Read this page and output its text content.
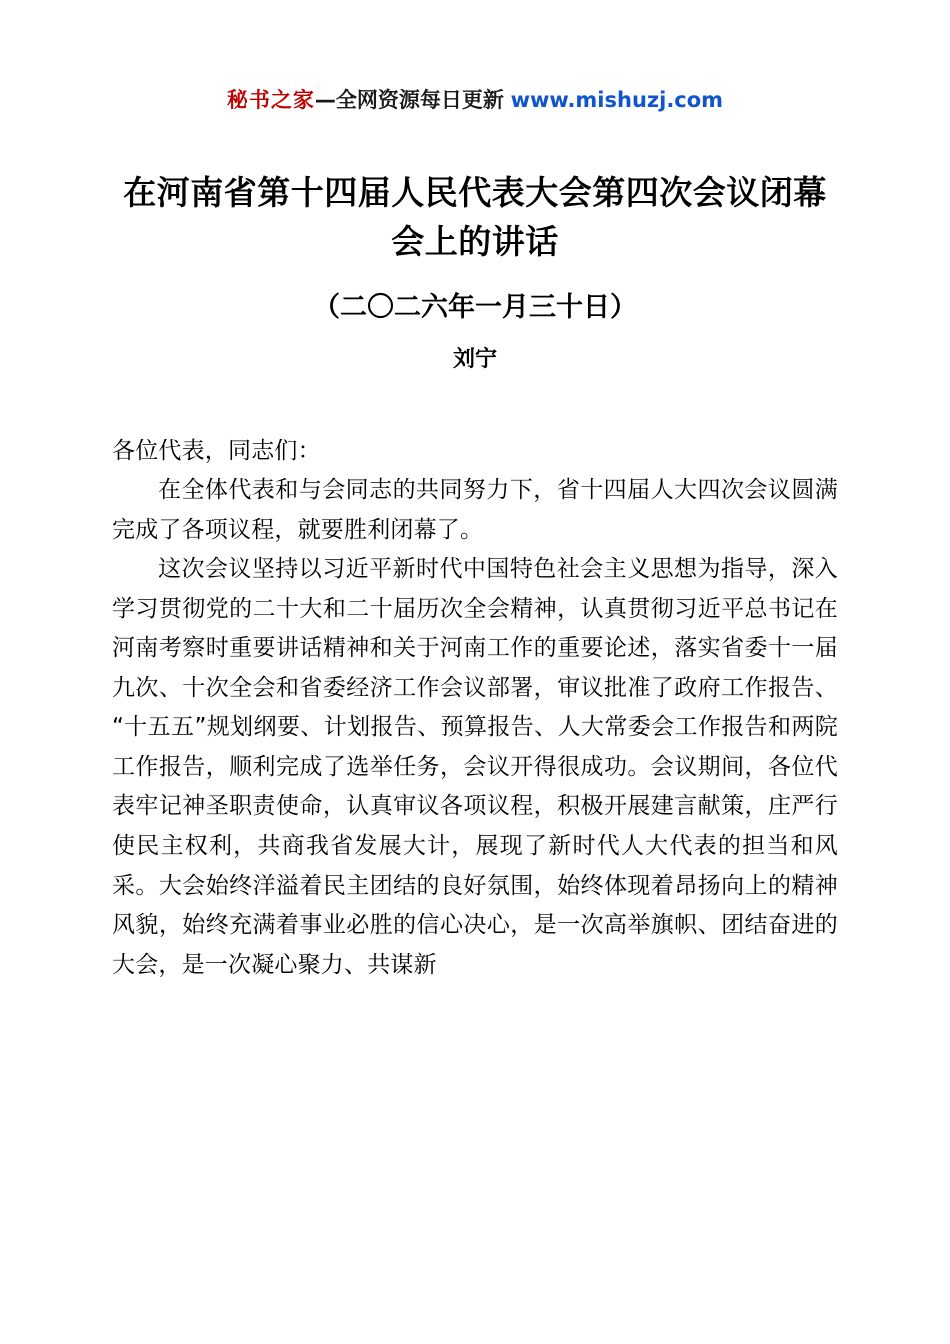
秘书之家—全网资源每日更新 www.mishuzj.com
在河南省第十四届人民代表大会第四次会议闭幕会上的讲话
（二〇二六年一月三十日）
刘宁

各位代表，同志们：

在全体代表和与会同志的共同努力下，省十四届人大四次会议圆满完成了各项议程，就要胜利闭幕了。

这次会议坚持以习近平新时代中国特色社会主义思想为指导，深入学习贯彻党的二十大和二十届历次全会精神，认真贯彻习近平总书记在河南考察时重要讲话精神和关于河南工作的重要论述，落实省委十一届九次、十次全会和省委经济工作会议部署，审议批准了政府工作报告、“十五五”规划纲要、计划报告、预算报告、人大常委会工作报告和两院工作报告，顺利完成了选举任务，会议开得很成功。会议期间，各位代表牢记神圣职责使命，认真审议各项议程，积极开展建言献策，庄严行使民主权利，共商我省发展大计，展现了新时代人大代表的担当和风采。大会始终洋溢着民主团结的良好氛围，始终体现着昂扬向上的精神风貌，始终充满着事业必胜的信心决心，是一次高举旗帜、团结奋进的大会，是一次凝心聚力、共谋新
